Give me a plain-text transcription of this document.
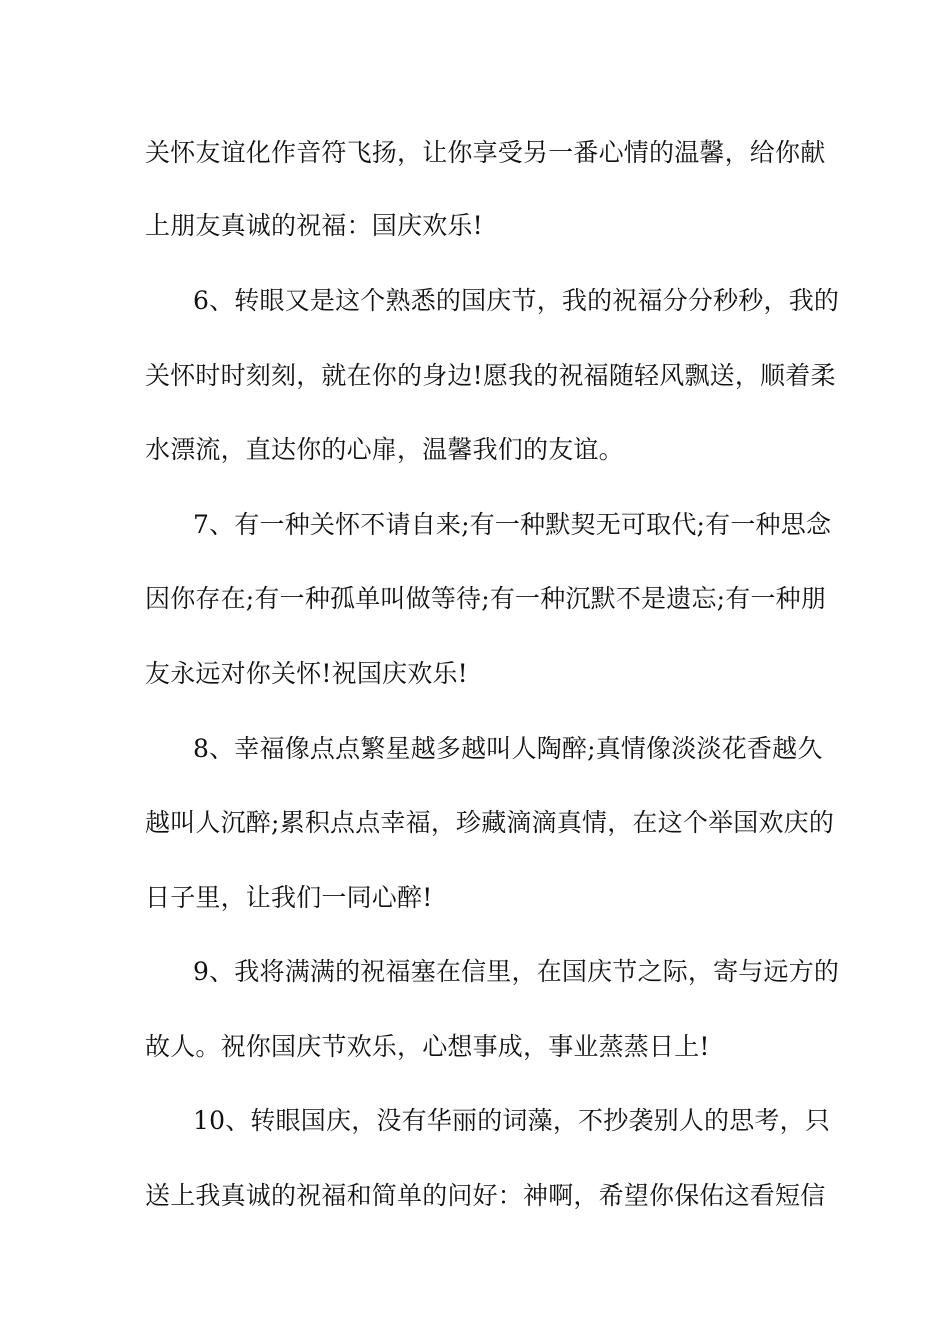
关怀友谊化作音符飞扬，让你享受另一番心情的温馨，给你献
上朋友真诚的祝福：国庆欢乐!
6、转眼又是这个熟悉的国庆节，我的祝福分分秒秒，我的
关怀时时刻刻，就在你的身边!愿我的祝福随轻风飘送，顺着柔
水漂流，直达你的心扉，温馨我们的友谊。
7、有一种关怀不请自来;有一种默契无可取代;有一种思念
因你存在;有一种孤单叫做等待;有一种沉默不是遗忘;有一种朋
友永远对你关怀!祝国庆欢乐!
8、幸福像点点繁星越多越叫人陶醉;真情像淡淡花香越久
越叫人沉醉;累积点点幸福，珍藏滴滴真情，在这个举国欢庆的
日子里，让我们一同心醉!
9、我将满满的祝福塞在信里，在国庆节之际，寄与远方的
故人。祝你国庆节欢乐，心想事成，事业蒸蒸日上!
10、转眼国庆，没有华丽的词藻，不抄袭别人的思考，只
送上我真诚的祝福和简单的问好：神啊，希望你保佑这看短信
